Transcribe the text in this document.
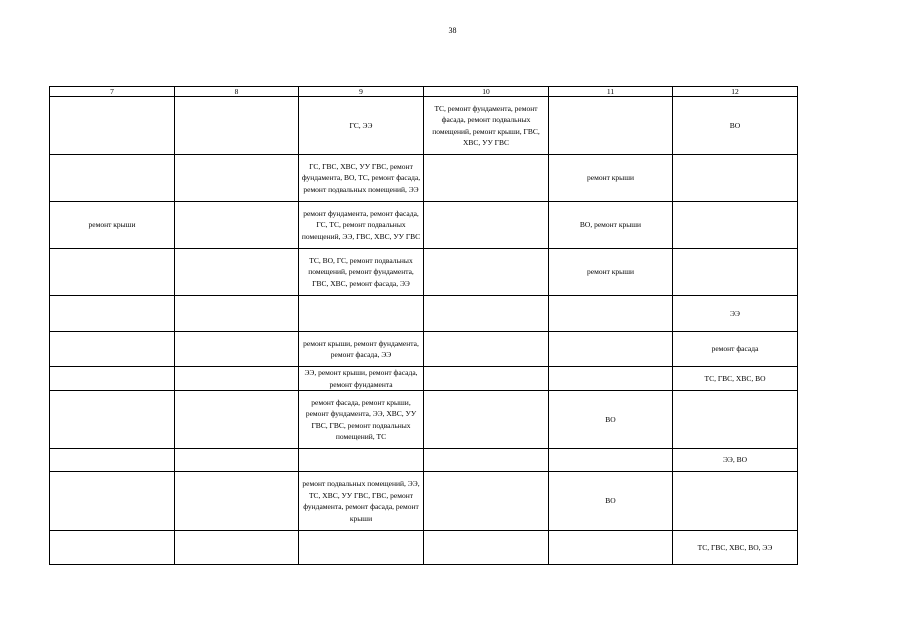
38
7	8	9	10	11	12
		ГС, ЭЭ	ТС, ремонт фундамента, ремонт фасада, ремонт подвальных помещений, ремонт крыши, ГВС, ХВС, УУ ГВС		ВО
		ГС, ГВС, ХВС, УУ ГВС, ремонт фундамента, ВО, ТС, ремонт фасада, ремонт подвальных помещений, ЭЭ		ремонт крыши	
ремонт крыши		ремонт фундамента, ремонт фасада, ГС, ТС, ремонт подвальных помещений, ЭЭ, ГВС, ХВС, УУ ГВС		ВО, ремонт крыши	
		ТС, ВО, ГС, ремонт подвальных помещений, ремонт фундамента, ГВС, ХВС, ремонт фасада, ЭЭ		ремонт крыши	
					ЭЭ
		ремонт крыши, ремонт фундамента, ремонт фасада, ЭЭ			ремонт фасада
		ЭЭ, ремонт крыши, ремонт фасада, ремонт фундамента			ТС, ГВС, ХВС, ВО
		ремонт фасада, ремонт крыши, ремонт фундамента, ЭЭ, ХВС, УУ ГВС, ГВС, ремонт подвальных помещений, ТС		ВО	
					ЭЭ, ВО
		ремонт подвальных помещений, ЭЭ, ТС, ХВС, УУ ГВС, ГВС, ремонт фундамента, ремонт фасада, ремонт крыши		ВО	
					ТС, ГВС, ХВС, ВО, ЭЭ
